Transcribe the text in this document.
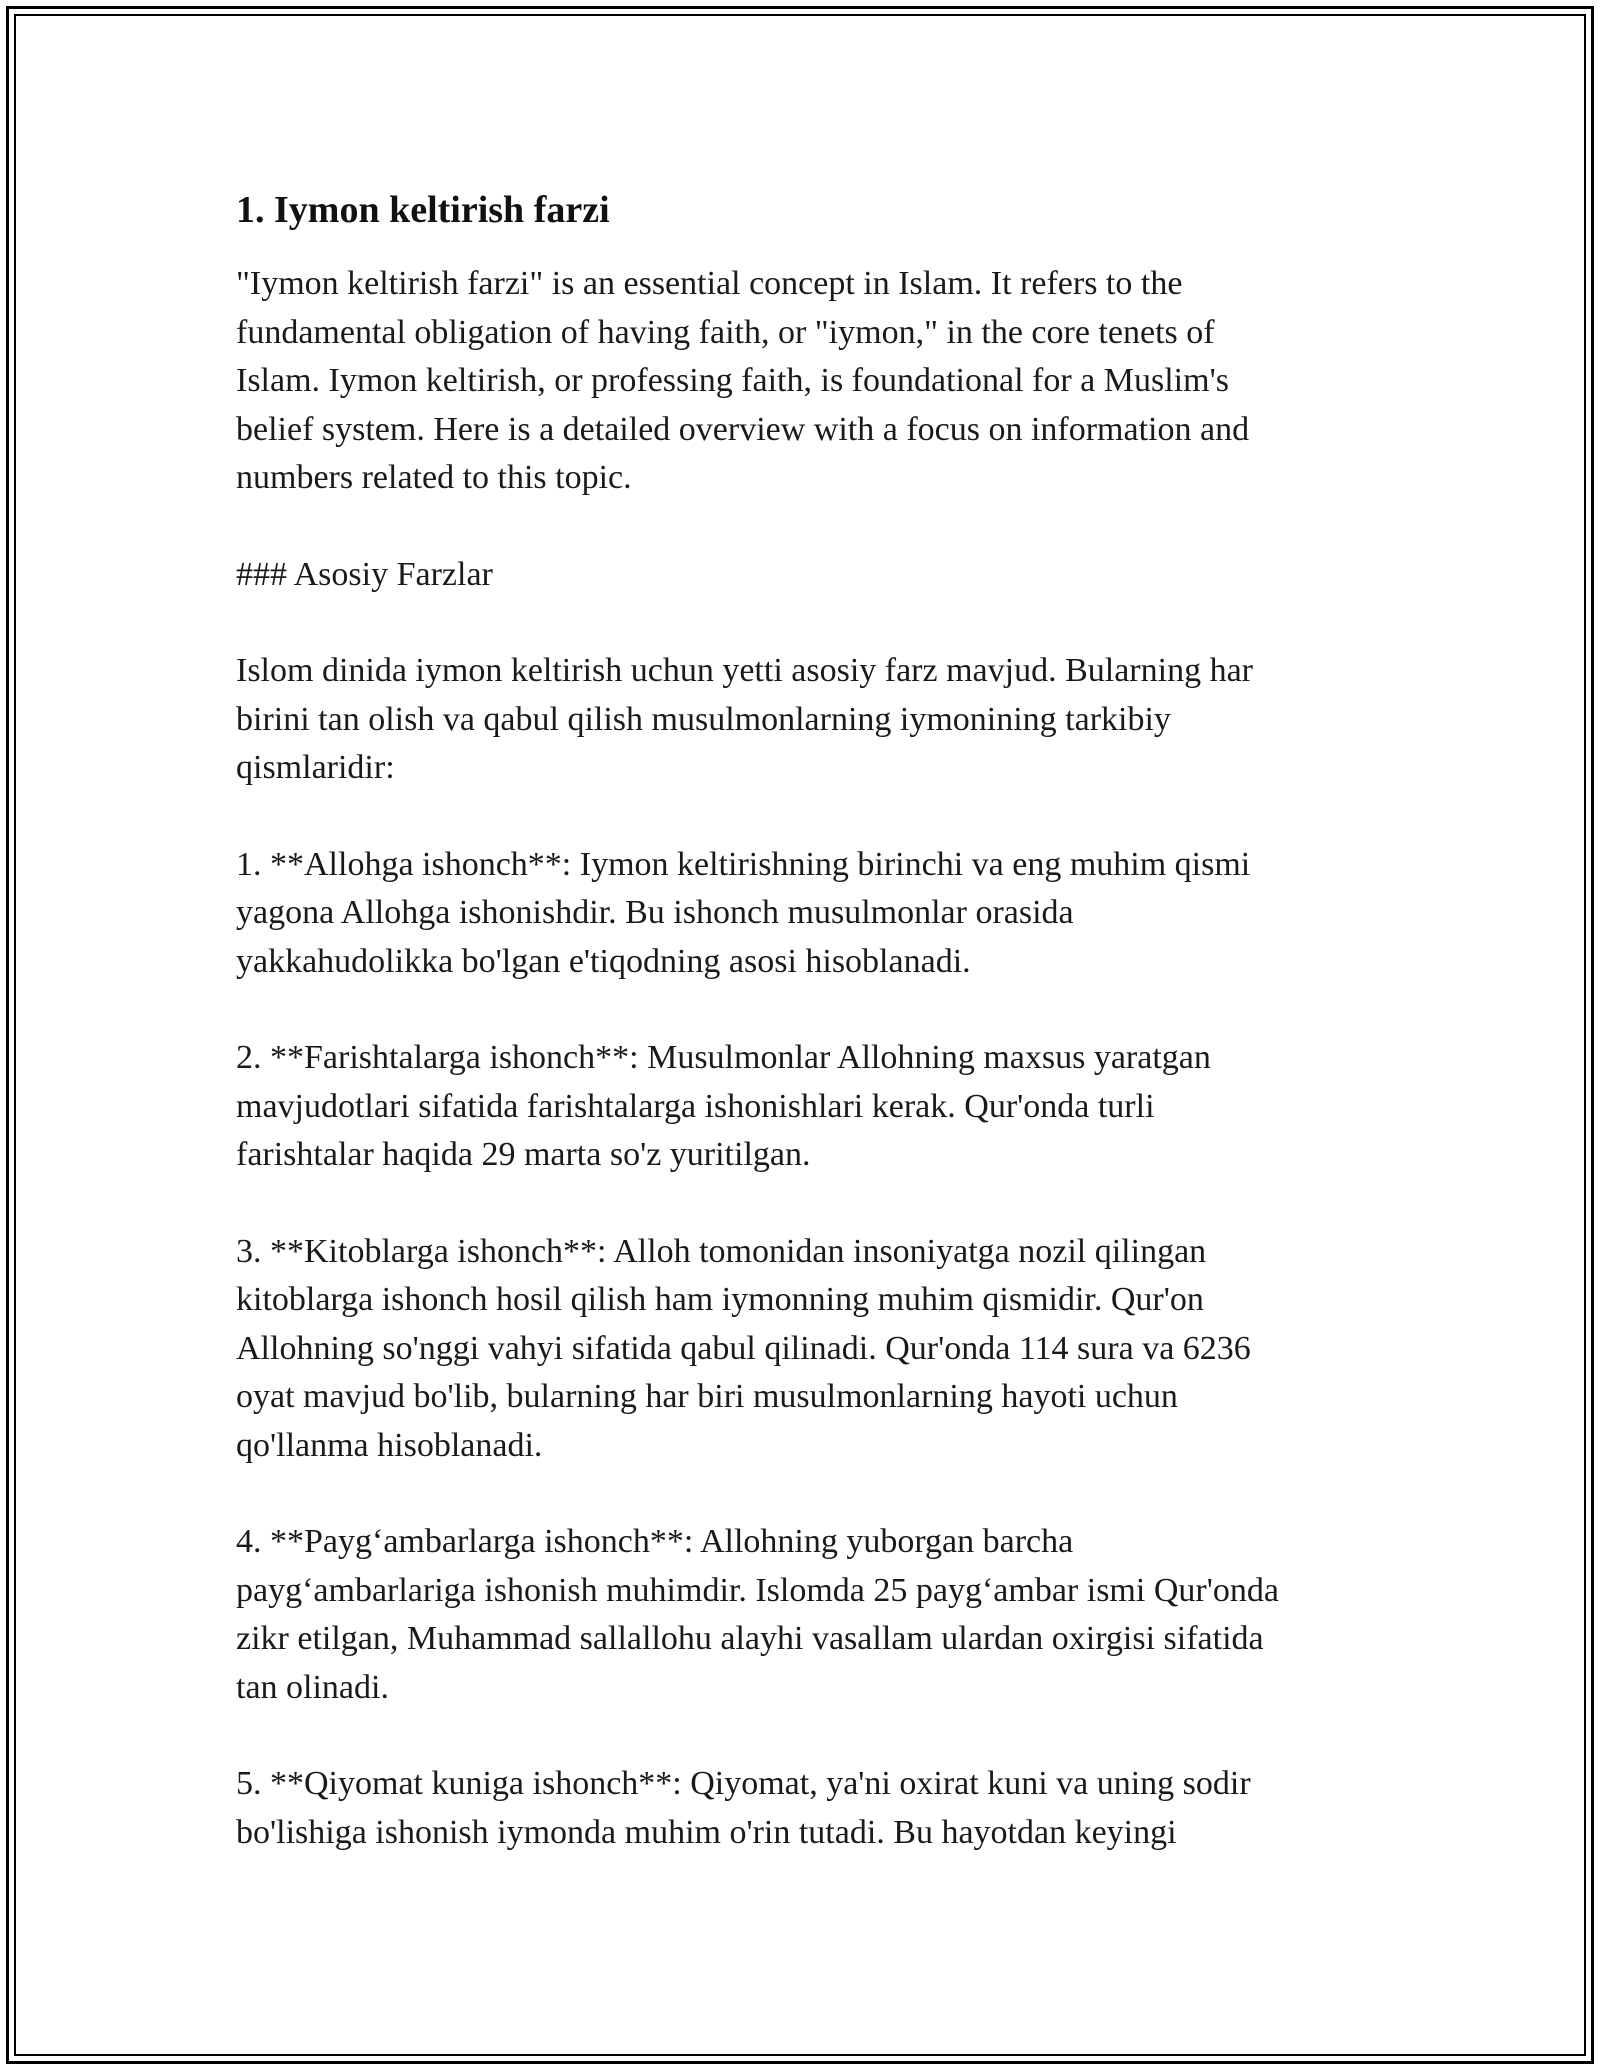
1. Iymon keltirish farzi

"Iymon keltirish farzi" is an essential concept in Islam. It refers to the
fundamental obligation of having faith, or "iymon," in the core tenets of
Islam. Iymon keltirish, or professing faith, is foundational for a Muslim's
belief system. Here is a detailed overview with a focus on information and
numbers related to this topic.

### Asosiy Farzlar

Islom dinida iymon keltirish uchun yetti asosiy farz mavjud. Bularning har
birini tan olish va qabul qilish musulmonlarning iymonining tarkibiy
qismlaridir:

1. **Allohga ishonch**: Iymon keltirishning birinchi va eng muhim qismi
yagona Allohga ishonishdir. Bu ishonch musulmonlar orasida
yakkahudolikka bo'lgan e'tiqodning asosi hisoblanadi.

2. **Farishtalarga ishonch**: Musulmonlar Allohning maxsus yaratgan
mavjudotlari sifatida farishtalarga ishonishlari kerak. Qur'onda turli
farishtalar haqida 29 marta so'z yuritilgan.

3. **Kitoblarga ishonch**: Alloh tomonidan insoniyatga nozil qilingan
kitoblarga ishonch hosil qilish ham iymonning muhim qismidir. Qur'on
Allohning so'nggi vahyi sifatida qabul qilinadi. Qur'onda 114 sura va 6236
oyat mavjud bo'lib, bularning har biri musulmonlarning hayoti uchun
qo'llanma hisoblanadi.

4. **Payg‘ambarlarga ishonch**: Allohning yuborgan barcha
payg‘ambarlariga ishonish muhimdir. Islomda 25 payg‘ambar ismi Qur'onda
zikr etilgan, Muhammad sallallohu alayhi vasallam ulardan oxirgisi sifatida
tan olinadi.

5. **Qiyomat kuniga ishonch**: Qiyomat, ya'ni oxirat kuni va uning sodir
bo'lishiga ishonish iymonda muhim o'rin tutadi. Bu hayotdan keyingi
